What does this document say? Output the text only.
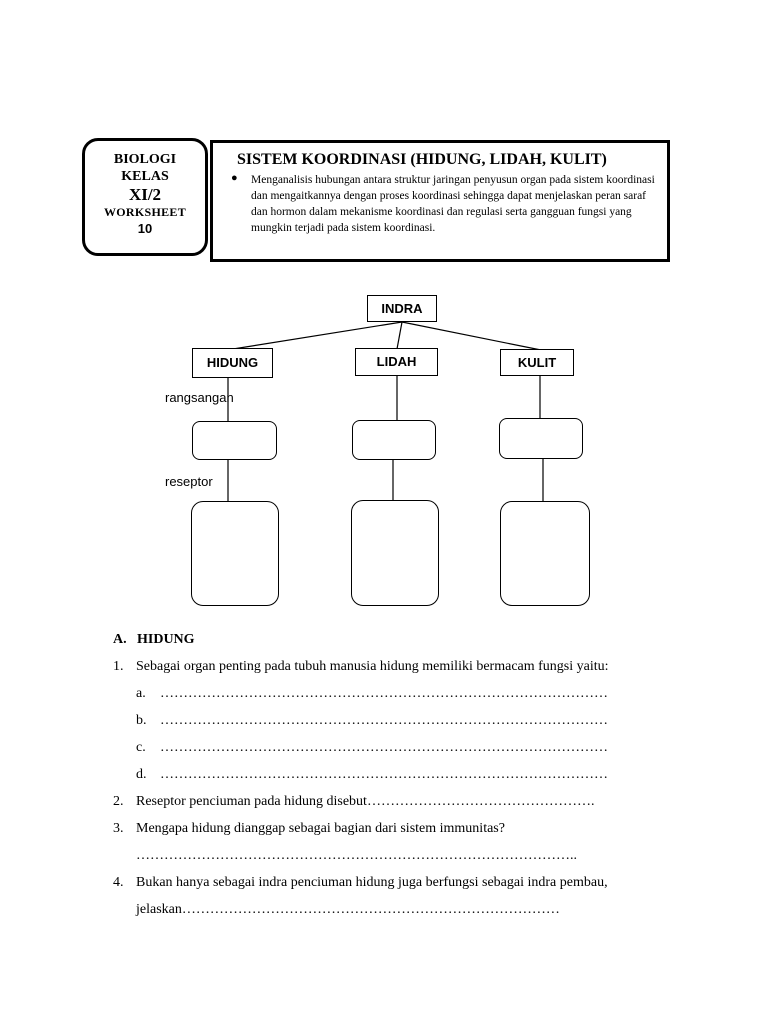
BIOLOGI
KELAS
XI/2
WORKSHEET
10
SISTEM KOORDINASI (HIDUNG, LIDAH, KULIT)
● Menganalisis hubungan antara struktur jaringan penyusun organ pada sistem koordinasi dan mengaitkannya dengan proses koordinasi sehingga dapat menjelaskan peran saraf dan hormon dalam mekanisme koordinasi dan regulasi serta gangguan fungsi yang mungkin terjadi pada sistem koordinasi.
INDRA
HIDUNG	LIDAH	KULIT
rangsangan
reseptor
A. HIDUNG
1. Sebagai organ penting pada tubuh manusia hidung memiliki bermacam fungsi yaitu:
a. ……………………………………………………………………………………
b. ……………………………………………………………………………………
c. ……………………………………………………………………………………
d. ……………………………………………………………………………………
2. Reseptor penciuman pada hidung disebut………………………………………….
3. Mengapa hidung dianggap sebagai bagian dari sistem immunitas?
…………………………………………………………………………………..
4. Bukan hanya sebagai indra penciuman hidung juga berfungsi sebagai indra pembau,
jelaskan………………………………………………………………………
